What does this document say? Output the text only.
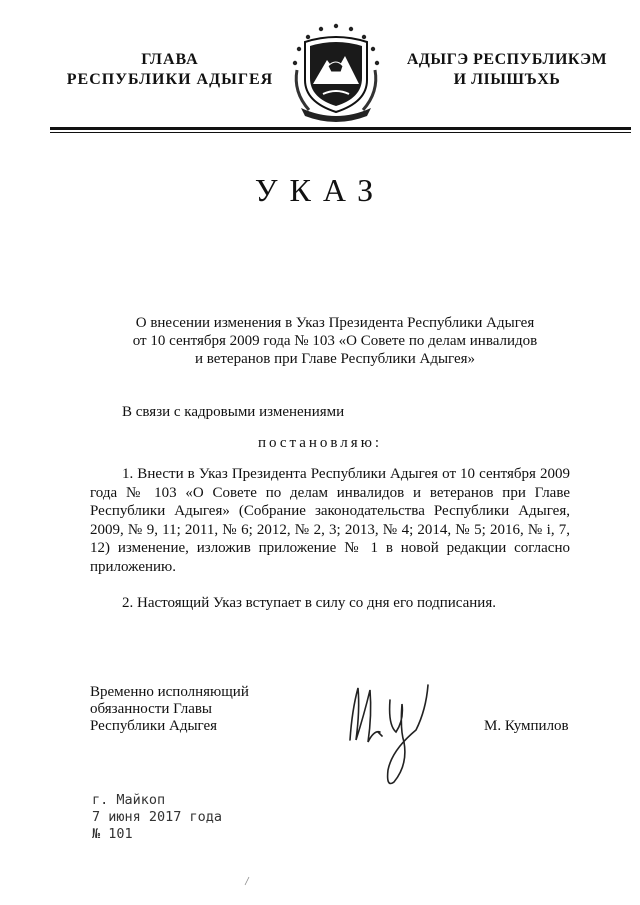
ГЛАВА
РЕСПУБЛИКИ АДЫГЕЯ
АДЫГЭ РЕСПУБЛИКЭМ
И ЛІЫШЪХЬ
УКАЗ
О внесении изменения в Указ Президента Республики Адыгея
от 10 сентября 2009 года № 103 «О Совете по делам инвалидов
и ветеранов при Главе Республики Адыгея»
В связи с кадровыми изменениями
постановляю:
1. Внести в Указ Президента Республики Адыгея от 10 сентября 2009 года № 103 «О Совете по делам инвалидов и ветеранов при Главе Республики Адыгея» (Собрание законодательства Республики Адыгея, 2009, № 9, 11; 2011, № 6; 2012, № 2, 3; 2013, № 4; 2014, № 5; 2016, № і, 7, 12) изменение, изложив приложение № 1 в новой редакции согласно приложению.
2. Настоящий Указ вступает в силу со дня его подписания.
Временно исполняющий
обязанности Главы
Республики Адыгея	М. Кумпилов
г. Майкоп
7 июня 2017 года
№ 101
